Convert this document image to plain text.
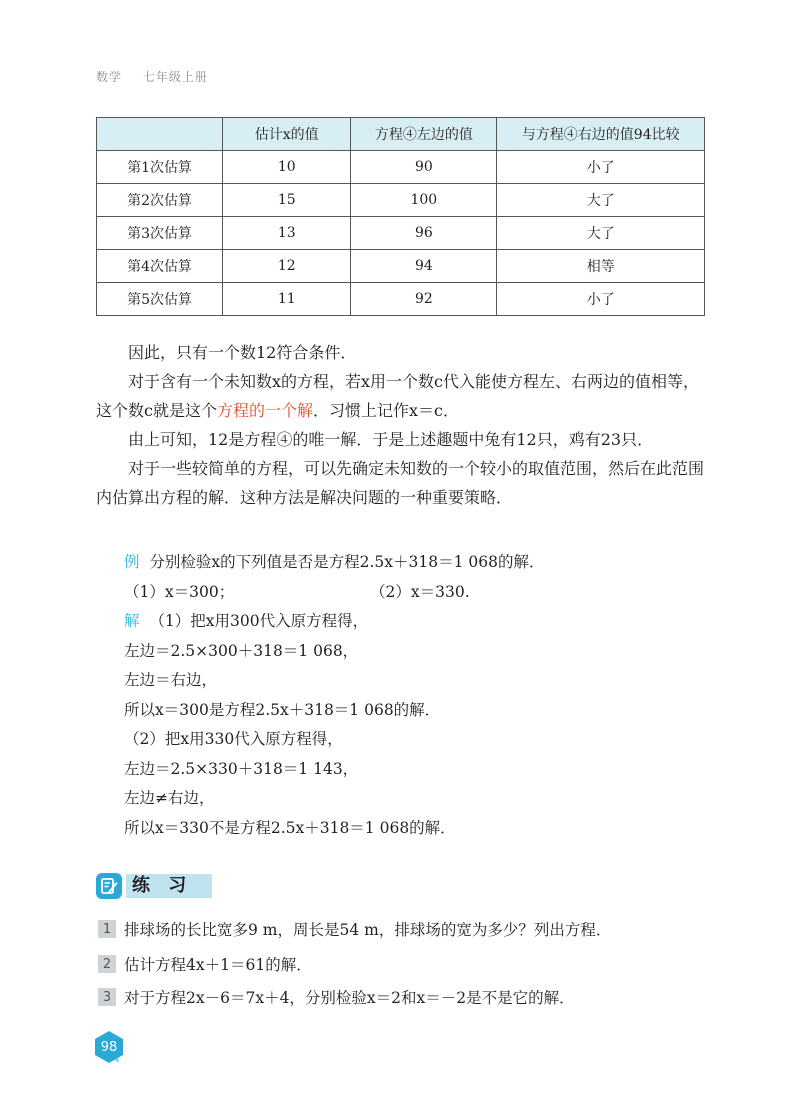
数学 七年级上册
	估计x的值	方程④左边的值	与方程④右边的值94比较
第1次估算	10	90	小了
第2次估算	15	100	大了
第3次估算	13	96	大了
第4次估算	12	94	相等
第5次估算	11	92	小了
因此，只有一个数12符合条件．
对于含有一个未知数x的方程，若x用一个数c代入能使方程左、右两边的值相等，这个数c就是这个方程的一个解．习惯上记作x＝c．
由上可知，12是方程④的唯一解．于是上述趣题中兔有12只，鸡有23只．
对于一些较简单的方程，可以先确定未知数的一个较小的取值范围，然后在此范围内估算出方程的解．这种方法是解决问题的一种重要策略．
例 分别检验x的下列值是否是方程2.5x＋318＝1 068的解．
（1）x＝300；	（2）x＝330.
解 （1）把x用300代入原方程得，
左边＝2.5×300＋318＝1 068，
左边＝右边，
所以x＝300是方程2.5x＋318＝1 068的解．
（2）把x用330代入原方程得，
左边＝2.5×330＋318＝1 143，
左边≠右边，
所以x＝330不是方程2.5x＋318＝1 068的解．
练 习
1 排球场的长比宽多9 m，周长是54 m，排球场的宽为多少？列出方程．
2 估计方程4x＋1＝61的解．
3 对于方程2x－6＝7x＋4，分别检验x＝2和x＝－2是不是它的解．
98
